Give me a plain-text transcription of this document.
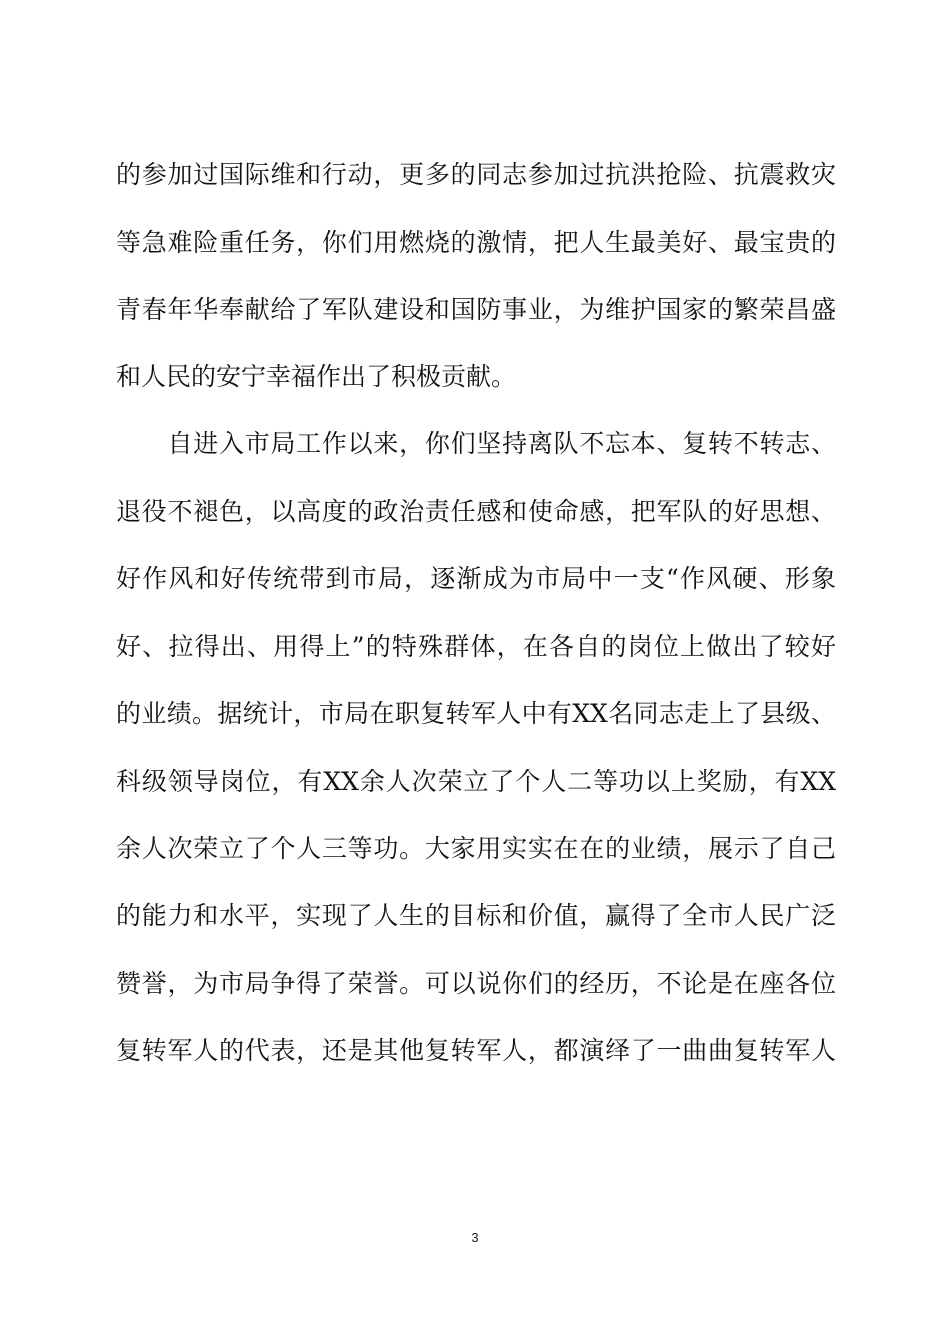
的参加过国际维和行动，更多的同志参加过抗洪抢险、抗震救灾
等急难险重任务，你们用燃烧的激情，把人生最美好、最宝贵的
青春年华奉献给了军队建设和国防事业，为维护国家的繁荣昌盛
和人民的安宁幸福作出了积极贡献。
　　自进入市局工作以来，你们坚持离队不忘本、复转不转志、
退役不褪色，以高度的政治责任感和使命感，把军队的好思想、
好作风和好传统带到市局，逐渐成为市局中一支“作风硬、形象
好、拉得出、用得上”的特殊群体，在各自的岗位上做出了较好
的业绩。据统计，市局在职复转军人中有XX名同志走上了县级、
科级领导岗位，有XX余人次荣立了个人二等功以上奖励，有XX
余人次荣立了个人三等功。大家用实实在在的业绩，展示了自己
的能力和水平，实现了人生的目标和价值，赢得了全市人民广泛
赞誉，为市局争得了荣誉。可以说你们的经历，不论是在座各位
复转军人的代表，还是其他复转军人，都演绎了一曲曲复转军人
3
